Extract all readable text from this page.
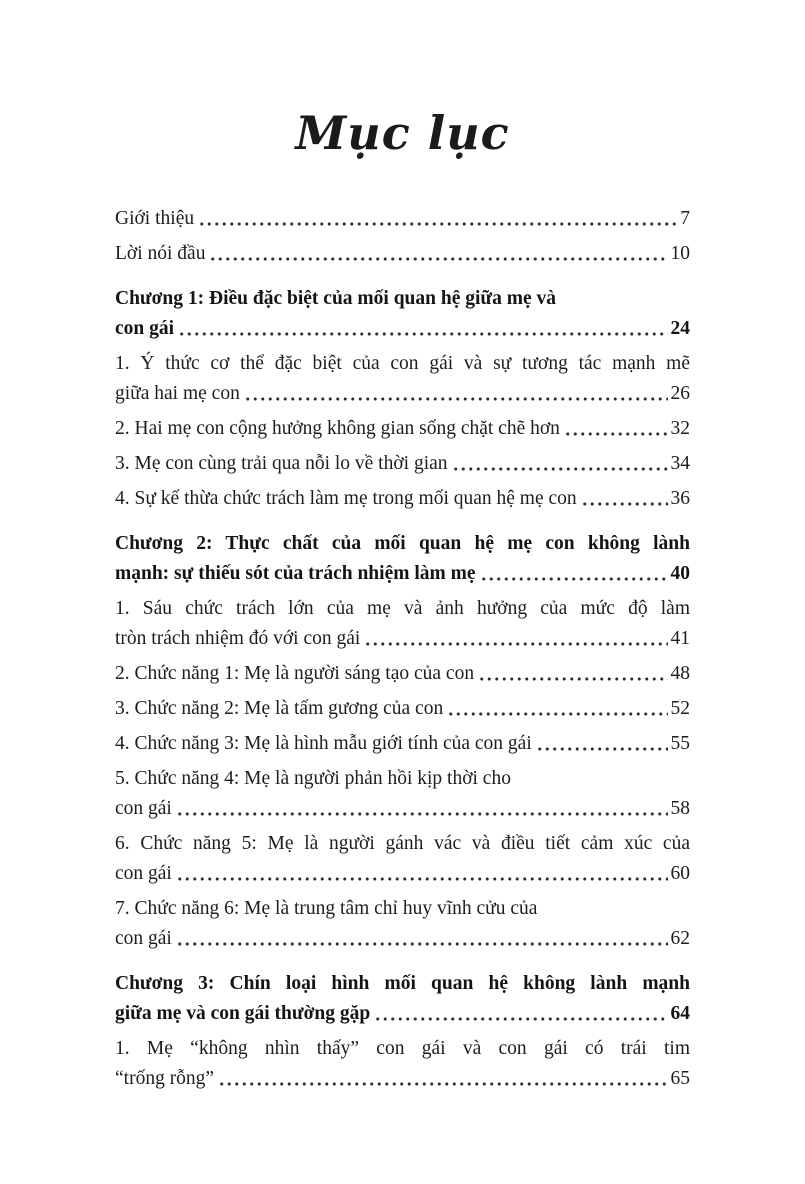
Mục lục
Giới thiệu	7
Lời nói đầu	10
Chương 1: Điều đặc biệt của mối quan hệ giữa mẹ và
con gái	24
1. Ý thức cơ thể đặc biệt của con gái và sự tương tác mạnh mẽ
giữa hai mẹ con	26
2. Hai mẹ con cộng hưởng không gian sống chặt chẽ hơn	32
3. Mẹ con cùng trải qua nỗi lo về thời gian	34
4. Sự kế thừa chức trách làm mẹ trong mối quan hệ mẹ con	36
Chương 2: Thực chất của mối quan hệ mẹ con không lành
mạnh: sự thiếu sót của trách nhiệm làm mẹ	40
1. Sáu chức trách lớn của mẹ và ảnh hưởng của mức độ làm
tròn trách nhiệm đó với con gái	41
2. Chức năng 1: Mẹ là người sáng tạo của con	48
3. Chức năng 2: Mẹ là tấm gương của con	52
4. Chức năng 3: Mẹ là hình mẫu giới tính của con gái	55
5. Chức năng 4: Mẹ là người phản hồi kịp thời cho
con gái	58
6. Chức năng 5: Mẹ là người gánh vác và điều tiết cảm xúc của
con gái	60
7. Chức năng 6: Mẹ là trung tâm chỉ huy vĩnh cửu của
con gái	62
Chương 3: Chín loại hình mối quan hệ không lành mạnh
giữa mẹ và con gái thường gặp	64
1. Mẹ “không nhìn thấy” con gái và con gái có trái tim
“trống rỗng”	65
